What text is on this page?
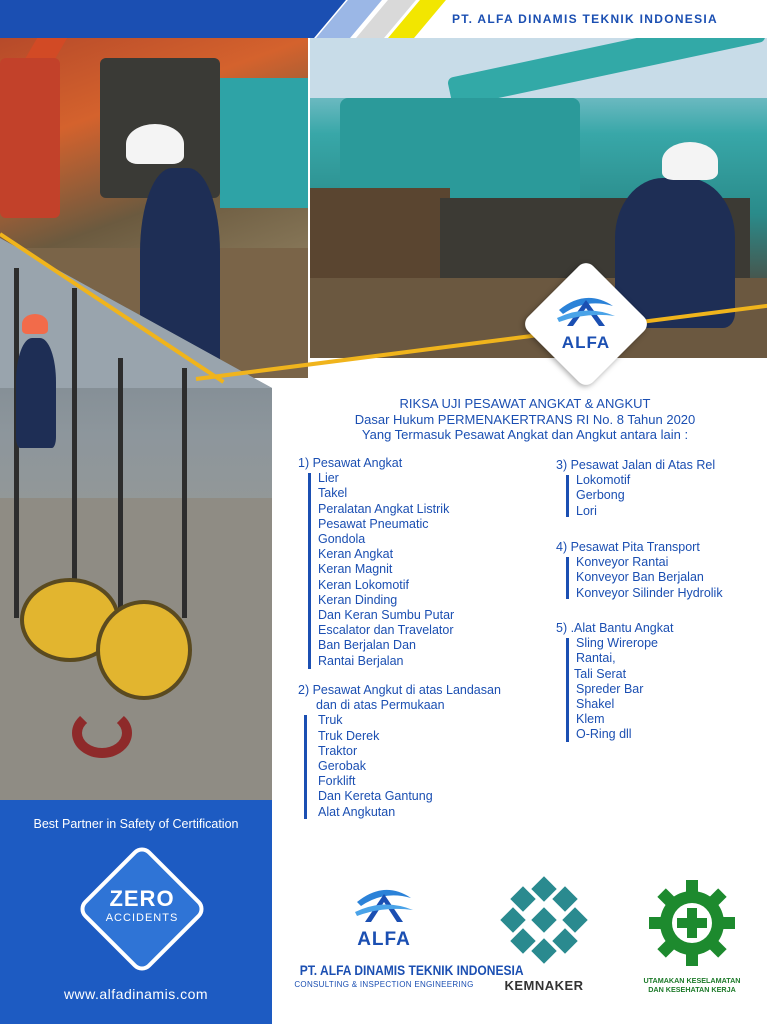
PT. ALFA DINAMIS TEKNIK INDONESIA
ALFA
RIKSA UJI PESAWAT ANGKAT & ANGKUT
Dasar Hukum PERMENAKERTRANS RI No. 8 Tahun 2020
Yang Termasuk Pesawat Angkat dan Angkut antara lain :
1) Pesawat Angkat
Lier
Takel
Peralatan Angkat Listrik
Pesawat Pneumatic
Gondola
Keran Angkat
Keran Magnit
Keran Lokomotif
Keran Dinding
Dan Keran Sumbu Putar
Escalator dan Travelator
Ban Berjalan Dan
Rantai Berjalan
2) Pesawat Angkut di atas Landasan
dan di atas Permukaan
Truk
Truk Derek
Traktor
Gerobak
Forklift
Dan Kereta Gantung
Alat Angkutan
3) Pesawat Jalan di Atas Rel
Lokomotif
Gerbong
Lori
4) Pesawat Pita Transport
Konveyor Rantai
Konveyor Ban Berjalan
Konveyor Silinder Hydrolik
5) .Alat Bantu Angkat
Sling Wirerope
Rantai,
Tali Serat
Spreder Bar
Shakel
Klem
O-Ring dll
Best Partner in Safety of Certification
ZERO
ACCIDENTS
www.alfadinamis.com
ALFA
PT. ALFA DINAMIS TEKNIK INDONESIA
CONSULTING & INSPECTION ENGINEERING	KEMNAKER	UTAMAKAN KESELAMATAN
DAN KESEHATAN KERJA
